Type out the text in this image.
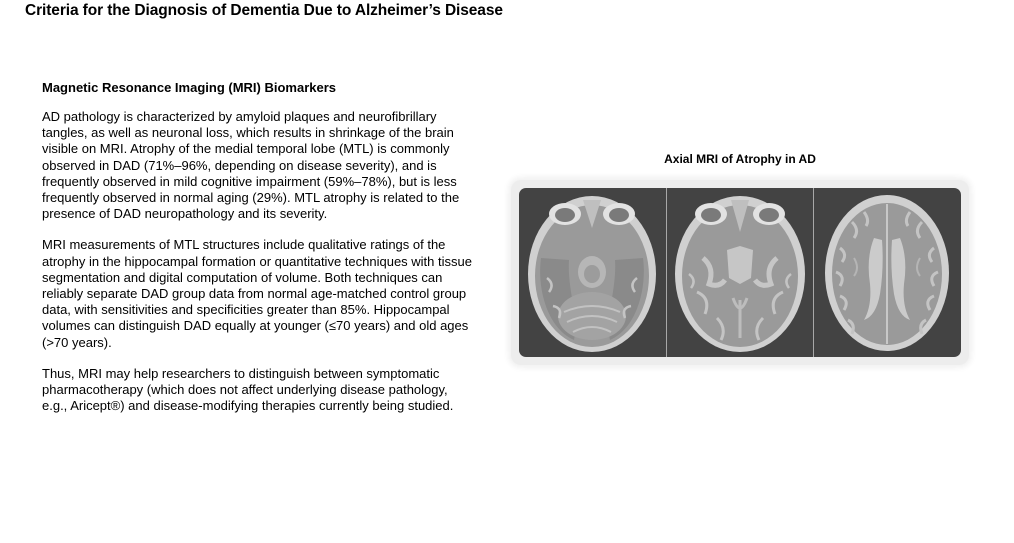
Criteria for the Diagnosis of Dementia Due to Alzheimer’s Disease
Magnetic Resonance Imaging (MRI) Biomarkers

AD pathology is characterized by amyloid plaques and neurofibrillary tangles, as well as neuronal loss, which results in shrinkage of the brain visible on MRI. Atrophy of the medial temporal lobe (MTL) is commonly observed in DAD (71%–96%, depending on disease severity), and is frequently observed in mild cognitive impairment (59%–78%), but is less frequently observed in normal aging (29%). MTL atrophy is related to the presence of DAD neuropathology and its severity.

MRI measurements of MTL structures include qualitative ratings of the atrophy in the hippocampal formation or quantitative techniques with tissue segmentation and digital computation of volume. Both techniques can reliably separate DAD group data from normal age-matched control group data, with sensitivities and specificities greater than 85%. Hippocampal volumes can distinguish DAD equally at younger (≤70 years) and old ages (>70 years).

Thus, MRI may help researchers to distinguish between symptomatic pharmacotherapy (which does not affect underlying disease pathology, e.g., Aricept®) and disease-modifying therapies currently being studied.

Axial MRI of Atrophy in AD
